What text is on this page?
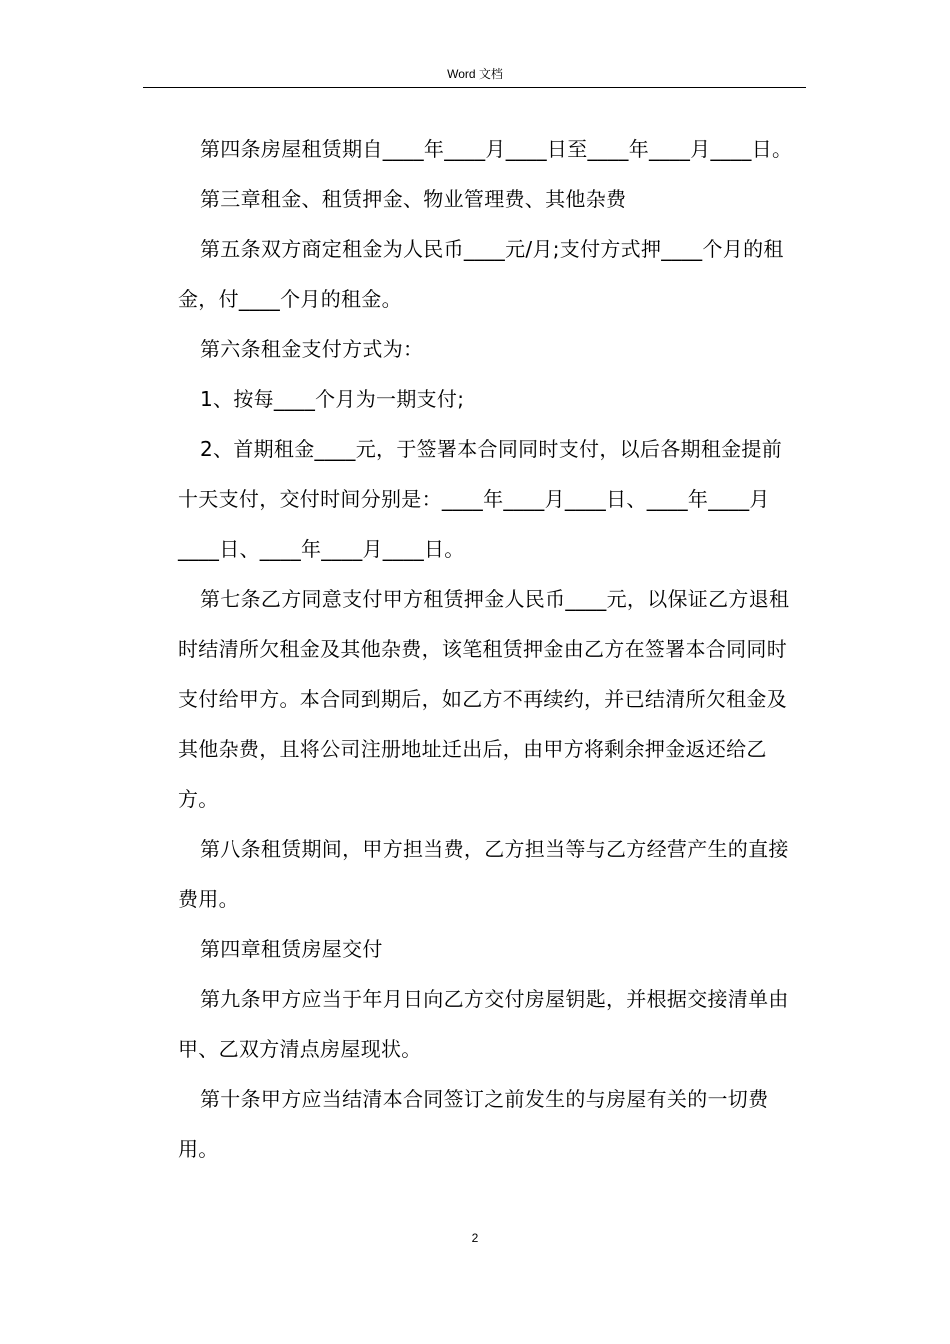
Word 文档

第四条房屋租赁期自____年____月____日至____年____月____日。

第三章租金、租赁押金、物业管理费、其他杂费

第五条双方商定租金为人民币____元/月;支付方式押____个月的租金，付____个月的租金。

第六条租金支付方式为：

1、按每____个月为一期支付;

2、首期租金____元，于签署本合同同时支付，以后各期租金提前十天支付，交付时间分别是：____年____月____日、____年____月____日、____年____月____日。

第七条乙方同意支付甲方租赁押金人民币____元，以保证乙方退租时结清所欠租金及其他杂费，该笔租赁押金由乙方在签署本合同同时支付给甲方。本合同到期后，如乙方不再续约，并已结清所欠租金及其他杂费，且将公司注册地址迁出后，由甲方将剩余押金返还给乙方。

第八条租赁期间，甲方担当费，乙方担当等与乙方经营产生的直接费用。

第四章租赁房屋交付

第九条甲方应当于年月日向乙方交付房屋钥匙，并根据交接清单由甲、乙双方清点房屋现状。

第十条甲方应当结清本合同签订之前发生的与房屋有关的一切费用。

2
